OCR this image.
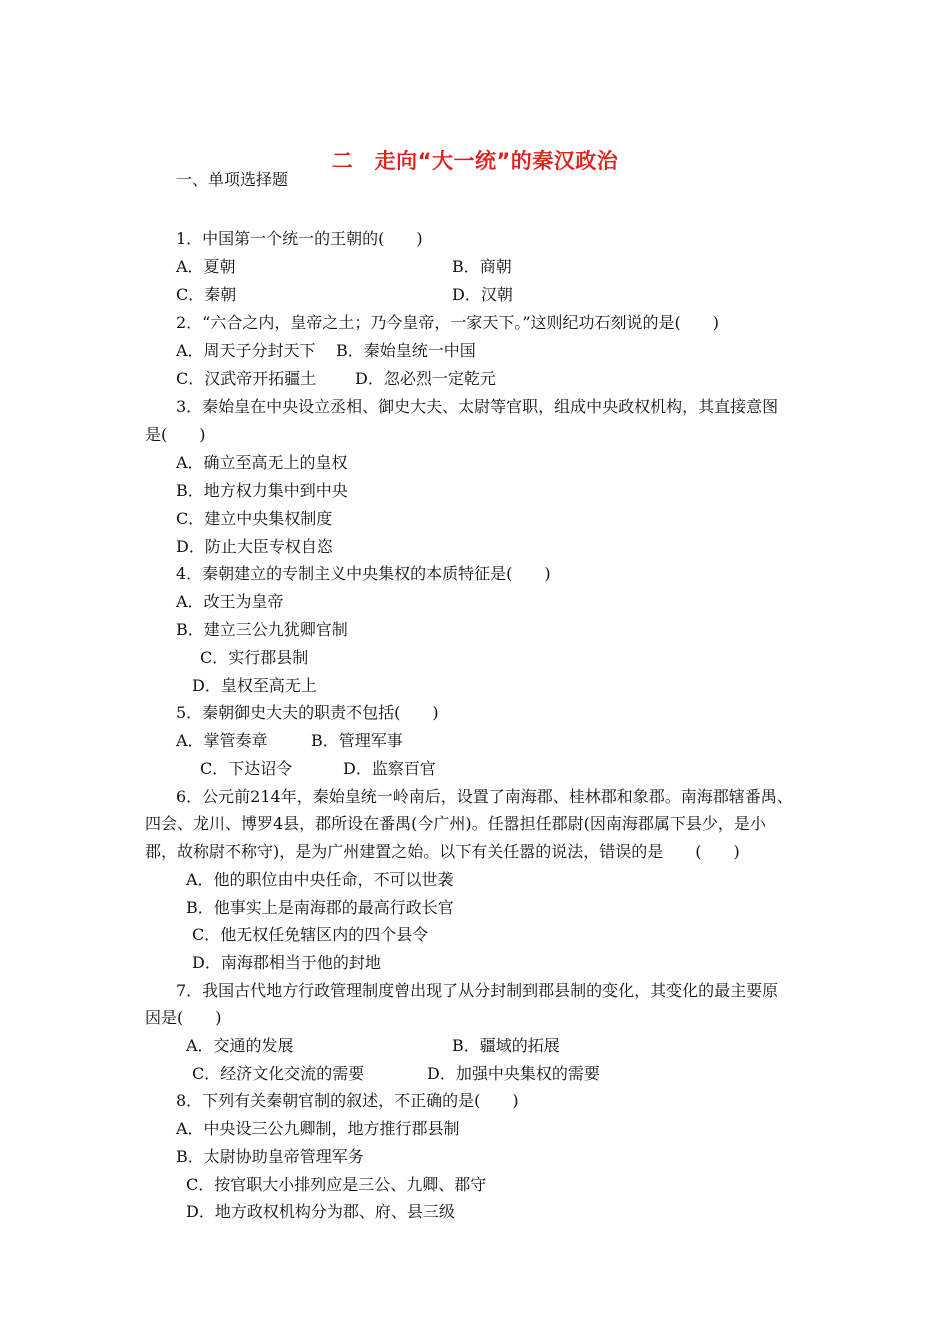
二　走向“大一统”的秦汉政治
一、单项选择题
1．中国第一个统一的王朝的(　　)
A．夏朝	B．商朝
C．秦朝	D．汉朝
2．“六合之内，皇帝之土；乃今皇帝，一家天下。”这则纪功石刻说的是(　　)
A．周天子分封天下 B．秦始皇统一中国
C．汉武帝开拓疆土 D．忽必烈一定乾元
3．秦始皇在中央设立丞相、御史大夫、太尉等官职，组成中央政权机构，其直接意图
是(　　)
A．确立至高无上的皇权
B．地方权力集中到中央
C．建立中央集权制度
D．防止大臣专权自恣
4．秦朝建立的专制主义中央集权的本质特征是(　　)
A．改王为皇帝
B．建立三公九犹卿官制
C．实行郡县制
D．皇权至高无上
5．秦朝御史大夫的职责不包括(　　)
A．掌管奏章	B．管理军事
C．下达诏令	D．监察百官
6．公元前214年，秦始皇统一岭南后，设置了南海郡、桂林郡和象郡。南海郡辖番禺、
四会、龙川、博罗4县，郡所设在番禺(今广州)。任嚣担任郡尉(因南海郡属下县少，是小
郡，故称尉不称守)，是为广州建置之始。以下有关任嚣的说法，错误的是　　(　　)
A．他的职位由中央任命，不可以世袭
B．他事实上是南海郡的最高行政长官
C．他无权任免辖区内的四个县令
D．南海郡相当于他的封地
7．我国古代地方行政管理制度曾出现了从分封制到郡县制的变化，其变化的最主要原
因是(　　)
A．交通的发展	B．疆域的拓展
C．经济文化交流的需要	D．加强中央集权的需要
8．下列有关秦朝官制的叙述，不正确的是(　　)
A．中央设三公九卿制，地方推行郡县制
B．太尉协助皇帝管理军务
C．按官职大小排列应是三公、九卿、郡守
D．地方政权机构分为郡、府、县三级
